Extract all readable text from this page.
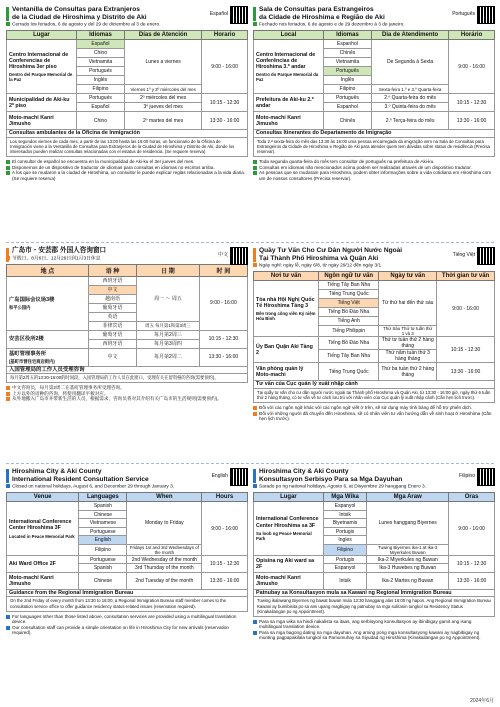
Ventanilla de Consultas para Extranjeros
de la Ciudad de Hiroshima y Distrito de Aki	Español
Cerrado los feriados, 6 de agosto y del 29 de diciembre al 3 de enero.
Lugar	Idiomas	Días de Atención	Horario
Centro Internacional de Conferencias de Hiroshima 3er piso
Dentro del Parque Memorial de la Paz	Español	Lunes a viernes	9:00 - 16:00
	Chino		
	Vietnamita		
	Portugués		
	Inglés		
	Filipino	Viernes 1º y 3º miércoles del mes	
Municipalidad de Aki-ku 2º piso	Portugués	2º miércoles del mes	10:15 - 12:30
	Español	3º jueves del mes	
Moto-machi Kanri Jimusho	Chino	2º martes del mes	13:30 - 16:00
Consultas ambulantes de la Oficina de Inmigración
Los segundos viernes de cada mes, a partir de las 13:00 hasta las 16:00 horas, un funcionario de la Oficina de Inmigración viene a la Ventanilla de Consultas para Extranjeros de la Ciudad de Hiroshima y Distrito de Aki, donde los interesados pueden realizar consultas relacionadas con el estatus de residencia. (Se requiere reserva)
El consultor de español se encuentra en la municipalidad de Aki-ku el 3er jueves del mes.
Disponemos de un dispositivo de traductor de idiomas para consultas en idiomas no escritos arriba.
A los que se mudaron a la ciudad de Hiroshima, un consultor le puede explicar reglas relacionadas a la vida diaria. (Se requiere reserva)
Sala de Consultas para Estrangeiros
da Cidade de Hiroshima e Região de Aki	Português
Fechado nos feriados, 6 de agosto e de 29 dezembro à 3 de janeiro.
Local	Idiomas	Dia de Atendimento	Horário
Centro Internacional de Conferências de Hiroshima 3.º andar
Dentro do Parque Memorial da Paz	Espanhol	De Segunda à Sexta	9:00 - 16:00
	Chinês		
	Vietnamita		
	Português		
	Inglês		
	Filipino	Sexta-feira 1.º e 3.º Quarta-feira	
Prefeitura de Aki-ku 2.º andar	Português	2.º Quarta-feira do mês	10:15 - 12:30
	Espanhol	3.º Quinta-feira do mês	
Moto-machi Kanri Jimusho	Chinês	2.º Terça-feira do mês	13:30 - 16:00
Consultas Itinerantes do Departamento de Imigração
Toda 2.ª sexta-feira do mês das 13:30 às 16:00 uma pessoa encarregada da imigração vem na Sala de Consultas para Estrangeiros da Cidade de Hiroshima e Região de Aki para atender quem tem dúvidas sobre status de residência (Precisa reservar).
Toda segunda quarta-feira do mês tem consultor de português na prefeitura de Aki-ku.
Consultas em idiomas não mencionados acima podem ser realizadas através de um dispositivo tradutor.
As pessoas que se mudaram para Hiroshima, podem obter informações sobre a vida cotidiana em Hiroshima com um de nossos consultores (Precisa reservar).
广岛市・安芸郡 外国人咨询窗口
中文
节假日、8月6日、12月29日到1月3日休息
地 点	语 种	日 期	时 间
广岛国际会议场3楼
和平公园内	西班牙语	周一 ～ 周五	9:00 - 16:00
	中文		
	越南语		
	葡萄牙语		
	英语		
	菲律宾语	周五 每月第1和第3周三	
安芸区役所2楼	葡萄牙语	每月第2周三	10:15 - 12:30
	西班牙语	每月第3周四	
基町管理事务所
(基町市营住宅商店街内)	中文	每月第2周二	13:30 - 16:00
入国管理局的工作人员受理咨询
每月第2周五的13:30-16:00的时间段，入国管理局的工作人员在此窗口，受理有关在留资格的咨询(需要预约)。
中文咨询员，每月第2周二在基町管理事务所受理咨询。
上方以外的语种的咨询，将使用翻译平板对应。
从外地搬入广岛市并带新生活的人员，根据需求，咨询员将对其介绍有关广岛市的生活规则(需要预约)。
Quầy Tư Vấn Cho Cư Dân Người Nước Ngoài
Tại Thành Phố Hiroshima và Quận Aki	Tiếng Việt
Ngày nghỉ: ngày lễ, ngày 6/8, từ ngày 29/12 đến ngày 3/1
Nơi tư vấn	Ngôn ngữ tư vấn	Ngày tư vấn	Thời gian tư vấn
Tòa nhà Hội Nghị Quốc Tế Hiroshima Tầng 3
Bên trong công viên Kỷ niệm Hòa Bình	Tiếng Tây Ban Nha	Từ thứ hai đến thứ sáu	9:00 - 16:00
	Tiếng Trung Quốc		
	Tiếng Việt		
	Tiếng Bồ Đào Nha		
	Tiếng Anh		
	Tiếng Philippin	Thứ Sáu Thứ tư tuần thứ 1 và 3	
Ủy Ban Quận Aki Tầng 2	Tiếng Bồ Đào Nha	Thứ tư tuần thứ 2 hàng tháng	10:15 - 12:30
	Tiếng Tây Ban Nha	Thứ năm tuần thứ 3 hàng tháng	
Văn phòng quản lý Moto-machi	Tiếng Trung Quốc	Thứ ba tuần thứ 2 hàng tháng	13:30 - 16:00
Tư vấn của Cục quản lý xuất nhập cảnh
Tại quầy tư vấn cho cư dân người nước ngoài tại Thành phố Hiroshima và Quận Aki, từ 13:30 - 16:00 giờ, ngày thứ 6 tuần thứ 2 hàng tháng, có tư vấn về tư cách lưu trú với nhân viên của Cục quản lý xuất nhập cảnh (Cần hẹn lịch trước).
Đối với các ngôn ngữ khác với các ngôn ngữ viết ở trên, sẽ sử dụng máy tính bảng để hỗ trợ phiên dịch.
Đối với những người đã chuyển đến Hiroshima, sẽ có nhân viên tư vấn hướng dẫn về sinh hoạt ở Hiroshima (Cần hẹn lịch trước).
Hiroshima City & Aki County
International Resident Consultation Service	English
Closed on national holidays, August 6, and December 29 through January 3.
Venue	Languages	When	Hours
International Conference Center Hiroshima 3F
Located in Peace Memorial Park	Spanish	Monday to Friday	9:00 - 16:00
	Chinese		
	Vietnamese		
	Portuguese		
	English		
	Filipino	Fridays 1st and 3rd Wednesdays of the month	
Aki Ward Office 2F	Portuguese	2nd Wednesday of the month	10:15 - 12:30
	Spanish	3rd Thursday of the month	
Moto-machi Kanri Jimusho	Chinese	2nd Tuesday of the month	13:30 - 16:00
Guidance from the Regional Immigration Bureau
On the 2nd Friday of every month from 13:30 to 16:00, a Regional Immigration Bureau staff member comes to the consultation service office to offer guidance residency status-related issues (reservation required).
For languages other than those listed above, consultation services are provided using a multilingual translation device.
Our consultation staff can provide a simple orientation on life in Hiroshima City for new arrivals (reservation required).
Hiroshima City & Aki County
Konsultasyon Serbisyo Para sa Mga Dayuhan	Filipino
Sarado po ng national holidays, Agosto 6, at Disyembre 29 hanggang Enero 3.
Lugar	Mga Wika	Mga Araw	Oras
International Conference Center Hiroshima sa 3F
Sa loob ng Peace Memorial Park	Espanyol	Lunes hanggang Biyernes	9:00 - 16:00
	Intsik		
	Biyetnamis		
	Portugis		
	Ingles		
	Filipino	Tuwing Biyernes Ika-1 at Ika-3 Miyerkules Buwan	
Opisina ng Aki ward sa 2F	Portugis	Ika-2 Miyerkules ng Buwan	10:15 - 12:30
	Espanyol	Ika-3 Huwebes ng Buwan	
Moto-machi Kanri Jimusho	Intsik	Ika-2 Martes ng Buwan	13:30 - 16:00
Patnubay sa Konsultasyon mula sa Kawani ng Regional Immigration Bureau
Tuwing ikalawang Biyernes ng bawat buwan mula 13:30 hanggang alas 16:00 ng hapon. Ang Regional Immigration Bureau Kawani ay bumibisita po sa ami upang magbigay ng patnubay sa mga suliranin tungkol sa Residency Status (Kinakailangan po ng Appointment).
Para sa mga wika na hindi nakalista sa itaas, ang serbisyong konsultasyon ay ibinibigay gamit ang isang multilingual translation device.
Para sa mga bagong dating na mga dayuhan. Ang aming pong mga konsultasyong kawani ay nagbibigay ng munting pagpapakilala tungkol sa Pamumuhay sa Siyudad ng Hiroshima (Kinakailangan po ng Appointment).
2024年6月
